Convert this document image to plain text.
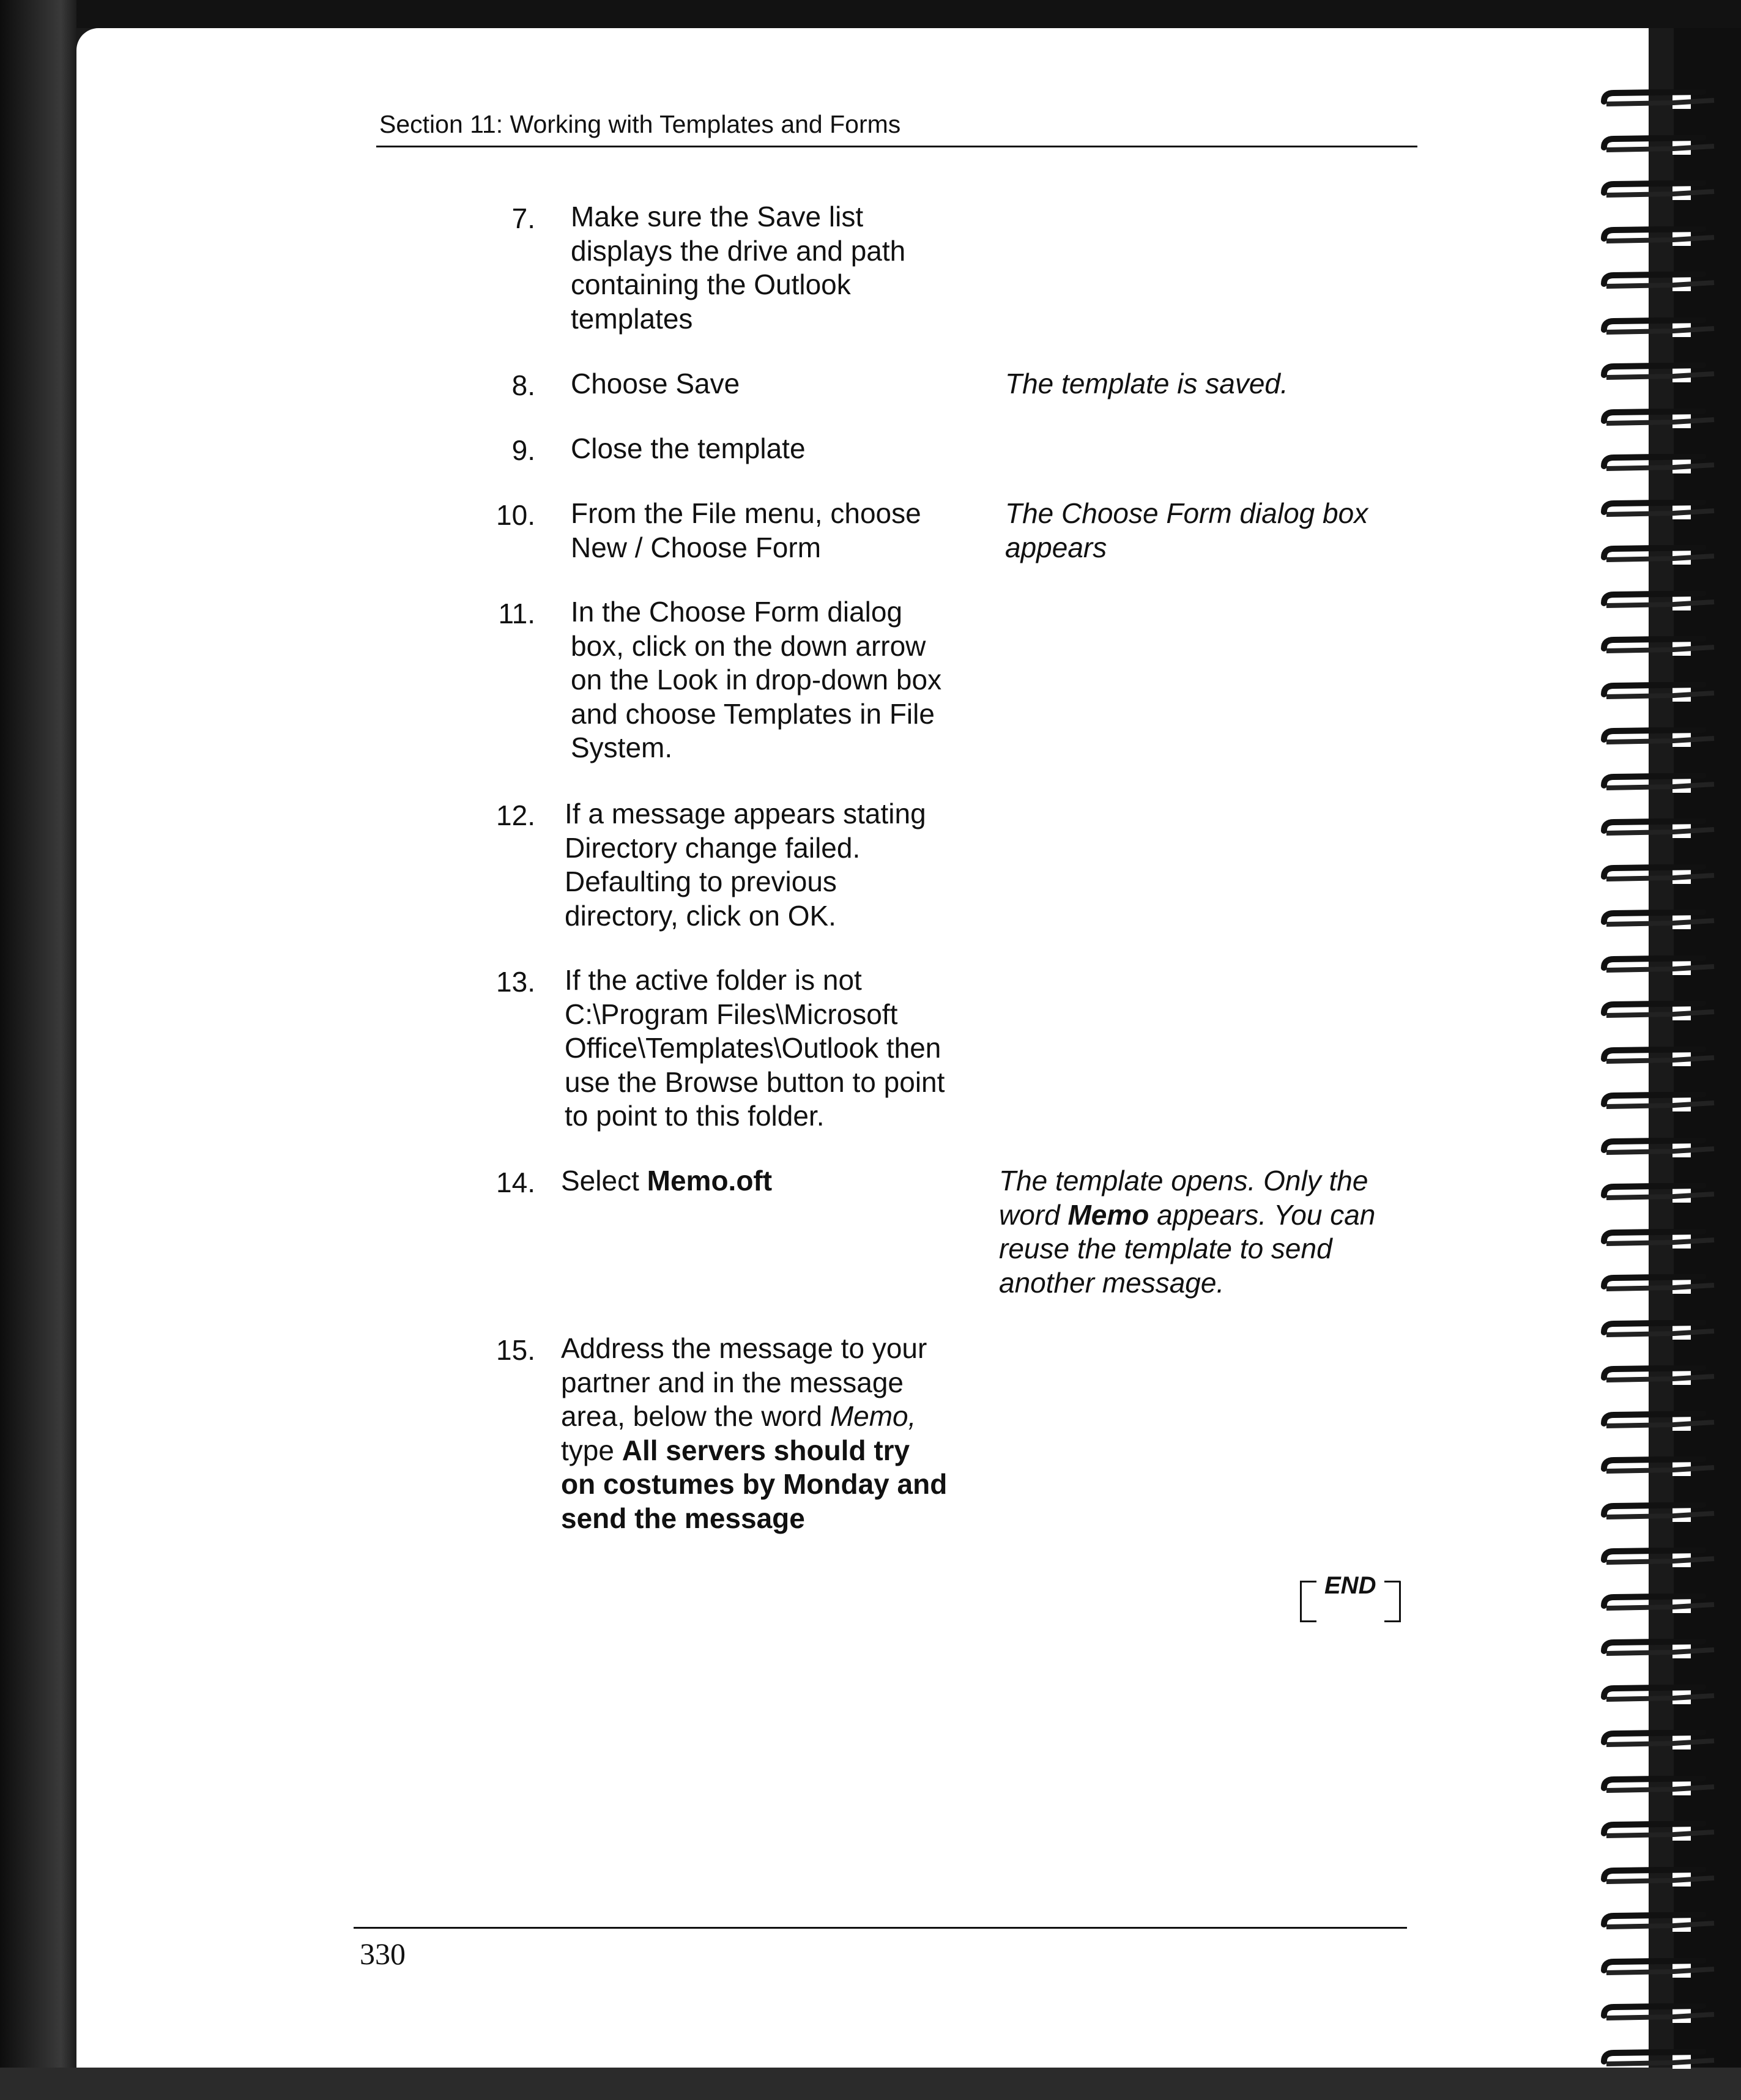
Section 11: Working with Templates and Forms
7. Make sure the Save list
displays the drive and path
containing the Outlook
templates
8. Choose Save	The template is saved.
9. Close the template
10. From the File menu, choose
New / Choose Form
The Choose Form dialog box
appears
11. In the Choose Form dialog
box, click on the down arrow
on the Look in drop-down box
and choose Templates in File
System.
12. If a message appears stating
Directory change failed.
Defaulting to previous
directory, click on OK.
13. If the active folder is not
C:\Program Files\Microsoft
Office\Templates\Outlook then
use the Browse button to point
to point to this folder.
14. Select Memo.oft	The template opens. Only the
word Memo appears. You can
reuse the template to send
another message.
15. Address the message to your
partner and in the message
area, below the word Memo,
type All servers should try
on costumes by Monday and
send the message
END
330
